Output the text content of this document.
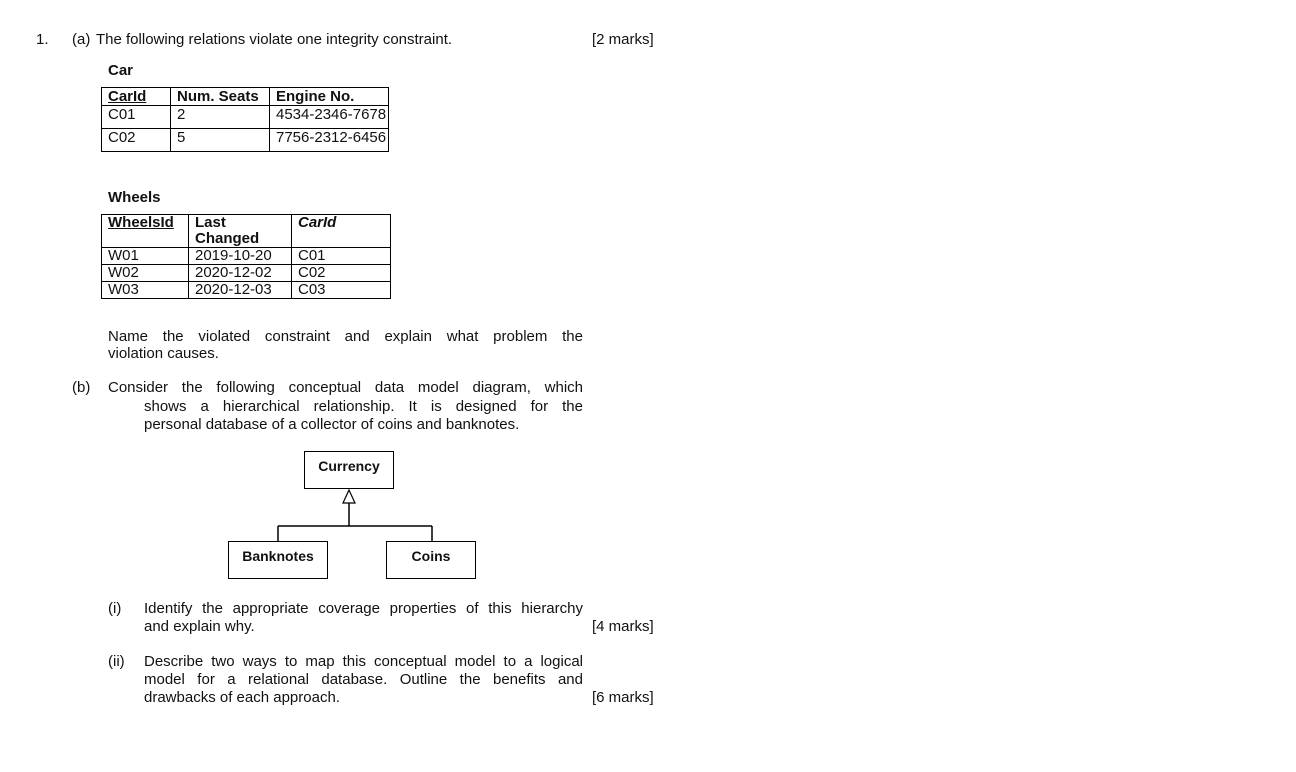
1. (a) The following relations violate one integrity constraint.	[2 marks]
Car
CarId	Num. Seats	Engine No.
C01	2	4534-2346-7678
C02	5	7756-2312-6456
Wheels
WheelsId	Last Changed	CarId
W01	2019-10-20	C01
W02	2020-12-02	C02
W03	2020-12-03	C03
Name the violated constraint and explain what problem the
violation causes.
(b) Consider the following conceptual data model diagram, which
shows a hierarchical relationship. It is designed for the
personal database of a collector of coins and banknotes.
Currency
Banknotes	Coins
(i) Identify the appropriate coverage properties of this hierarchy
and explain why.	[4 marks]
(ii) Describe two ways to map this conceptual model to a logical
model for a relational database. Outline the benefits and
drawbacks of each approach.	[6 marks]
